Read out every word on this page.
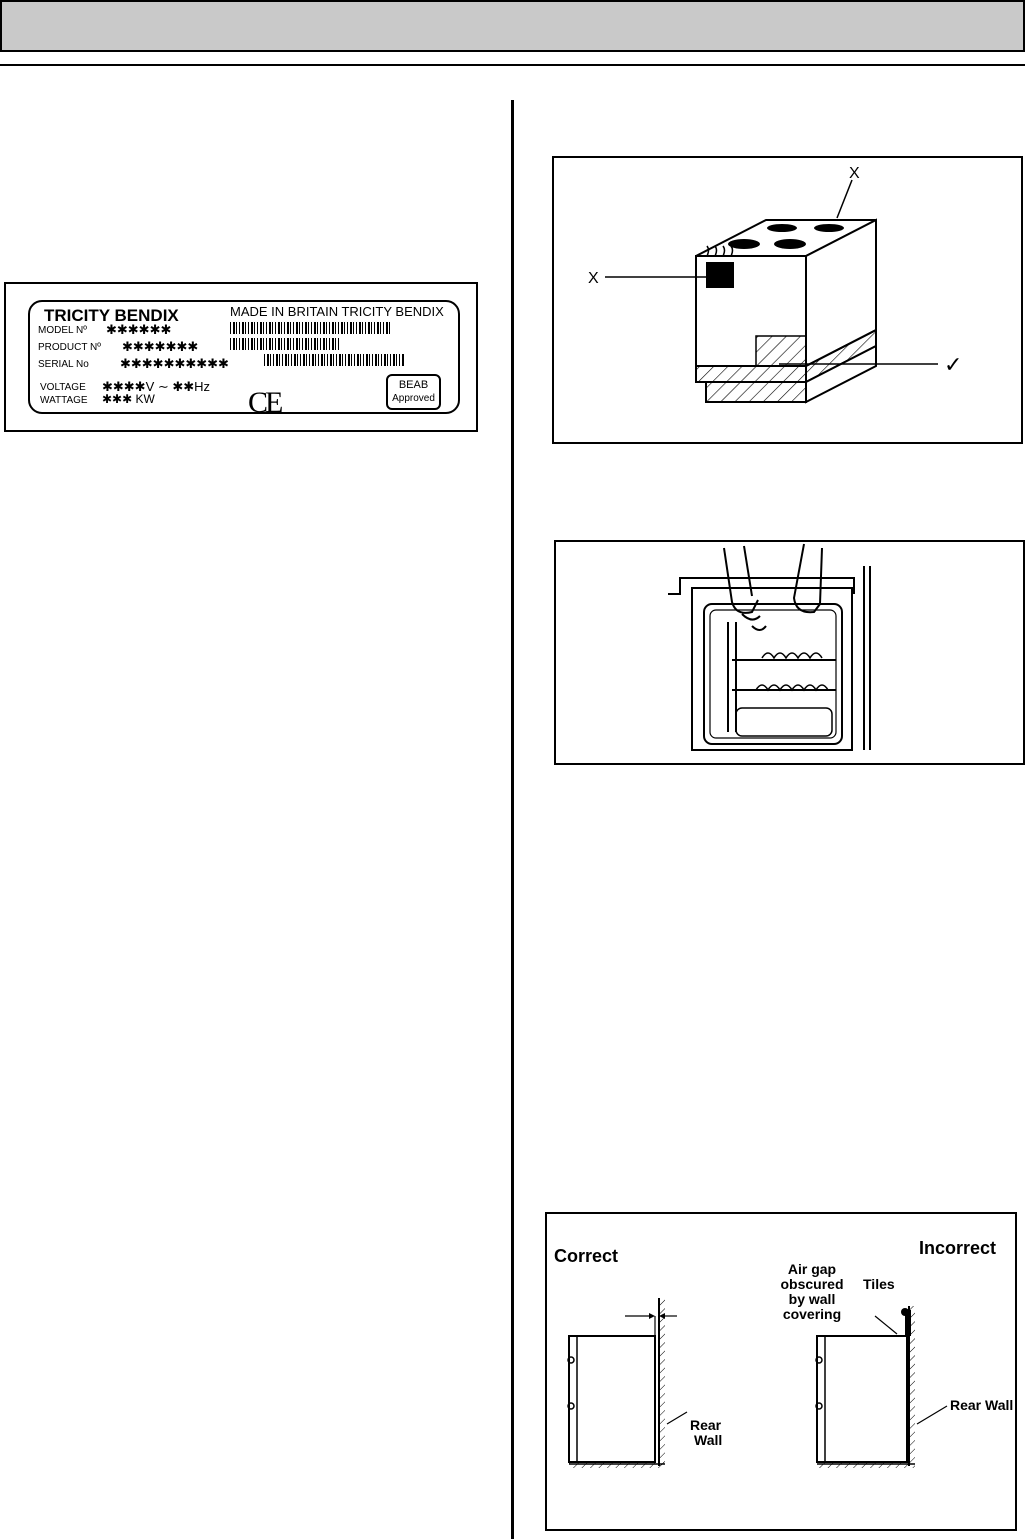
TRICITY BENDIX	MADE IN BRITAIN TRICITY BENDIX
MODEL Nº ✱✱✱✱✱✱
PRODUCT Nº ✱✱✱✱✱✱✱
SERIAL No ✱✱✱✱✱✱✱✱✱✱
VOLTAGE ✱✱✱✱V ∼ ✱✱Hz
WATTAGE ✱✱✱ KW	CE
BEAB
Approved
X
X
✓
Correct	Incorrect
Rear
Wall
Air gap
obscured
by wall
covering
Tiles
Rear Wall
